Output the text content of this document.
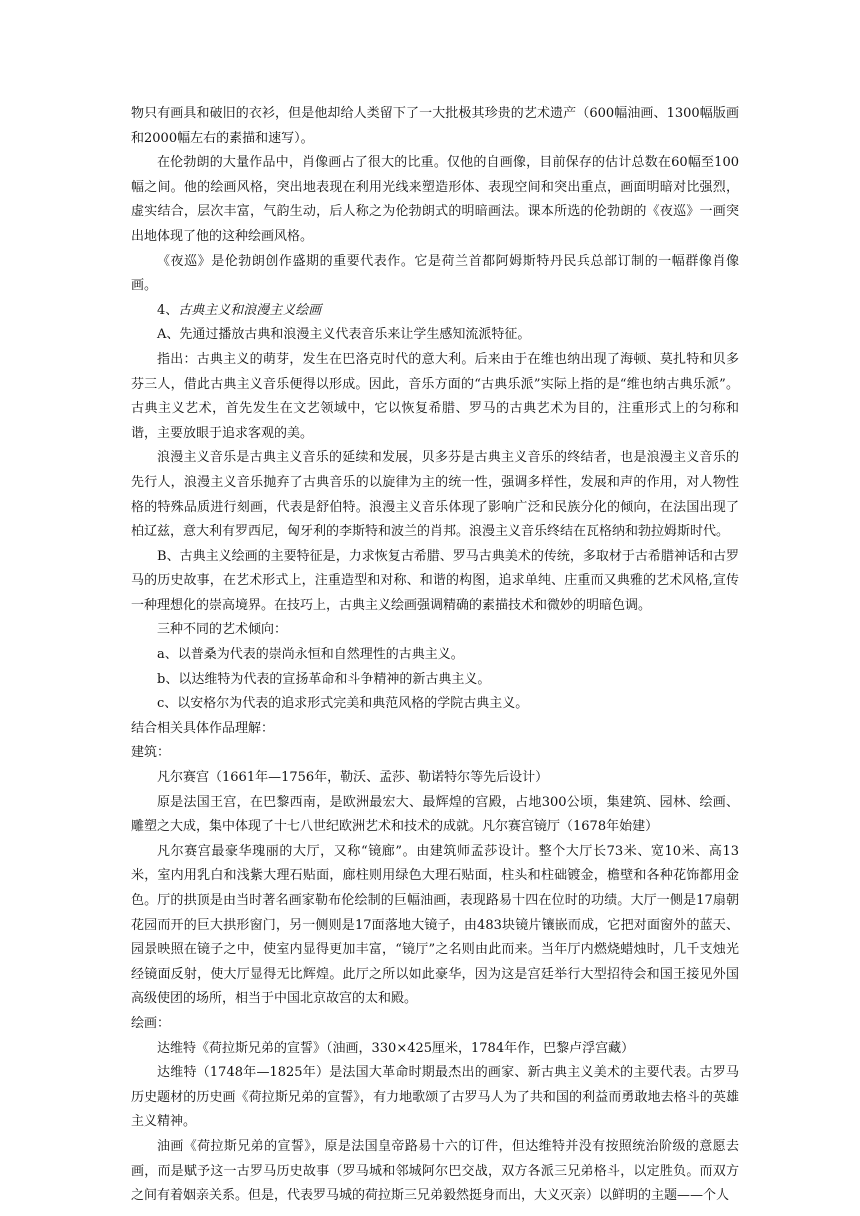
物只有画具和破旧的衣衫，但是他却给人类留下了一大批极其珍贵的艺术遗产（600幅油画、1300幅版画和2000幅左右的素描和速写）。

在伦勃朗的大量作品中，肖像画占了很大的比重。仅他的自画像，目前保存的估计总数在60幅至100幅之间。他的绘画风格，突出地表现在利用光线来塑造形体、表现空间和突出重点，画面明暗对比强烈，虚实结合，层次丰富，气韵生动，后人称之为伦勃朗式的明暗画法。课本所选的伦勃朗的《夜巡》一画突出地体现了他的这种绘画风格。

《夜巡》是伦勃朗创作盛期的重要代表作。它是荷兰首都阿姆斯特丹民兵总部订制的一幅群像肖像画。

4、古典主义和浪漫主义绘画

A、先通过播放古典和浪漫主义代表音乐来让学生感知流派特征。

指出：古典主义的萌芽，发生在巴洛克时代的意大利。后来由于在维也纳出现了海顿、莫扎特和贝多芬三人，借此古典主义音乐便得以形成。因此，音乐方面的“古典乐派”实际上指的是“维也纳古典乐派”。古典主义艺术，首先发生在文艺领域中，它以恢复希腊、罗马的古典艺术为目的，注重形式上的匀称和谐，主要放眼于追求客观的美。

浪漫主义音乐是古典主义音乐的延续和发展，贝多芬是古典主义音乐的终结者，也是浪漫主义音乐的先行人，浪漫主义音乐抛弃了古典音乐的以旋律为主的统一性，强调多样性，发展和声的作用，对人物性格的特殊品质进行刻画，代表是舒伯特。浪漫主义音乐体现了影响广泛和民族分化的倾向，在法国出现了柏辽兹，意大利有罗西尼，匈牙利的李斯特和波兰的肖邦。浪漫主义音乐终结在瓦格纳和勃拉姆斯时代。

B、古典主义绘画的主要特征是，力求恢复古希腊、罗马古典美术的传统，多取材于古希腊神话和古罗马的历史故事，在艺术形式上，注重造型和对称、和谐的构图，追求单纯、庄重而又典雅的艺术风格,宣传一种理想化的崇高境界。在技巧上，古典主义绘画强调精确的素描技术和微妙的明暗色调。

三种不同的艺术倾向：

a、以普桑为代表的崇尚永恒和自然理性的古典主义。

b、以达维特为代表的宣扬革命和斗争精神的新古典主义。

c、以安格尔为代表的追求形式完美和典范风格的学院古典主义。

结合相关具体作品理解：

建筑：

凡尔赛宫（1661年—1756年，勒沃、孟莎、勒诺特尔等先后设计）

原是法国王宫，在巴黎西南，是欧洲最宏大、最辉煌的宫殿，占地300公顷，集建筑、园林、绘画、雕塑之大成，集中体现了十七八世纪欧洲艺术和技术的成就。凡尔赛宫镜厅（1678年始建）

凡尔赛宫最豪华瑰丽的大厅，又称“镜廊”。由建筑师孟莎设计。整个大厅长73米、宽10米、高13米，室内用乳白和浅紫大理石贴面，廊柱则用绿色大理石贴面，柱头和柱础镀金，檐壁和各种花饰都用金色。厅的拱顶是由当时著名画家勒布伦绘制的巨幅油画，表现路易十四在位时的功绩。大厅一侧是17扇朝花园而开的巨大拱形窗门，另一侧则是17面落地大镜子，由483块镜片镶嵌而成，它把对面窗外的蓝天、园景映照在镜子之中，使室内显得更加丰富，“镜厅”之名则由此而来。当年厅内燃烧蜡烛时，几千支烛光经镜面反射，使大厅显得无比辉煌。此厅之所以如此豪华，因为这是宫廷举行大型招待会和国王接见外国高级使团的场所，相当于中国北京故宫的太和殿。

绘画：

达维特《荷拉斯兄弟的宣誓》（油画，330×425厘米，1784年作，巴黎卢浮宫藏）

达维特（1748年—1825年）是法国大革命时期最杰出的画家、新古典主义美术的主要代表。古罗马历史题材的历史画《荷拉斯兄弟的宣誓》，有力地歌颂了古罗马人为了共和国的利益而勇敢地去格斗的英雄主义精神。

油画《荷拉斯兄弟的宣誓》，原是法国皇帝路易十六的订件，但达维特并没有按照统治阶级的意愿去画，而是赋予这一古罗马历史故事（罗马城和邻城阿尔巴交战，双方各派三兄弟格斗，以定胜负。而双方之间有着姻亲关系。但是，代表罗马城的荷拉斯三兄弟毅然挺身而出，大义灭亲）以鲜明的主题——个人
